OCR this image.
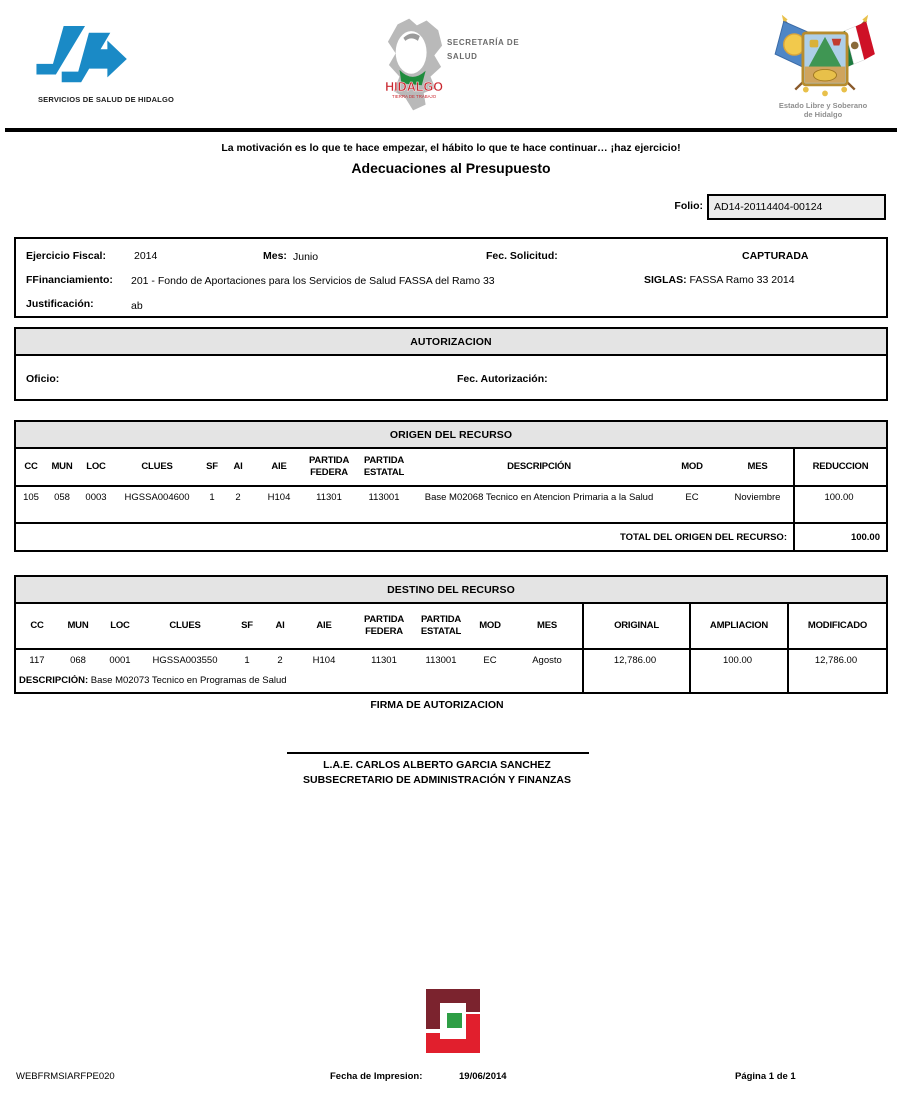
SERVICIOS DE SALUD DE HIDALGO
HIDALGO
TIERRA DE TRABAJO
SECRETARÍA DE
SALUD
Estado Libre y Soberano
de Hidalgo
La motivación es lo que te hace empezar, el hábito lo que te hace continuar… ¡haz ejercicio!
Adecuaciones al Presupuesto
Folio:	AD14-20114404-00124
Ejercicio Fiscal:	2014	Mes: Junio	Fec. Solicitud:	CAPTURADA
FFinanciamiento: 201 - Fondo de Aportaciones para los Servicios de Salud FASSA del Ramo 33	SIGLAS: FASSA Ramo 33 2014
Justificación:	ab
AUTORIZACION
Oficio:	Fec. Autorización:
ORIGEN DEL RECURSO
CC	MUN	LOC	CLUES	SF	AI	AIE	PARTIDA FEDERA	PARTIDA ESTATAL	DESCRIPCIÓN	MOD	MES	REDUCCION
105	058	0003	HGSSA004600	1	2	H104	11301	113001	Base M02068 Tecnico en Atencion Primaria a la Salud	EC	Noviembre	100.00
TOTAL DEL ORIGEN DEL RECURSO:												100.00
DESTINO DEL RECURSO
CC	MUN	LOC	CLUES	SF	AI	AIE	PARTIDA FEDERA	PARTIDA ESTATAL	MOD	MES	ORIGINAL	AMPLIACION	MODIFICADO
117	068	0001	HGSSA003550	1	2	H104	11301	113001	EC	Agosto	12,786.00	100.00	12,786.00
DESCRIPCIÓN: Base M02073 Tecnico en Programas de Salud													
FIRMA DE AUTORIZACION
L.A.E. CARLOS ALBERTO GARCIA SANCHEZ
SUBSECRETARIO DE ADMINISTRACIÓN Y FINANZAS
WEBFRMSIARFPE020	Fecha de Impresion:	19/06/2014	Página 1 de 1
